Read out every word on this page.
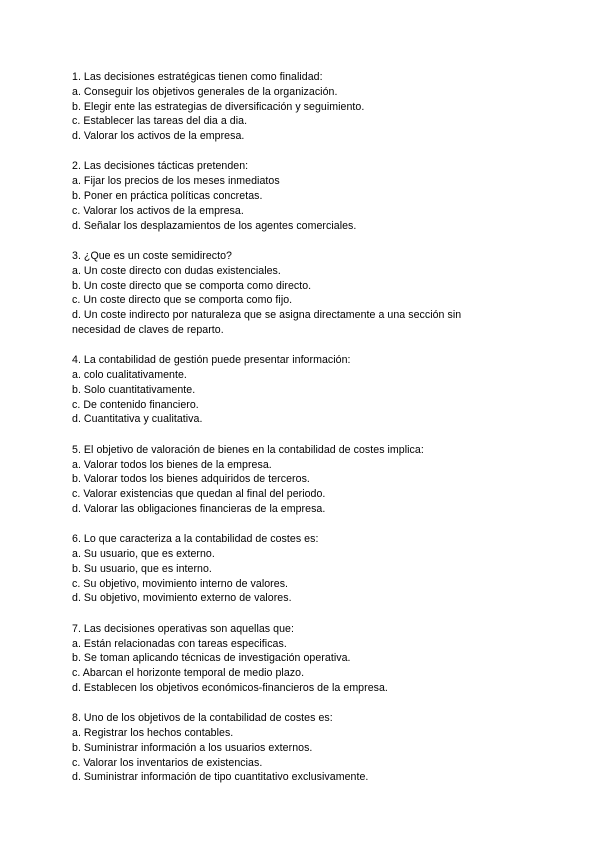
1. Las decisiones estratégicas tienen como finalidad:
a. Conseguir los objetivos generales de la organización.
b. Elegir ente las estrategias de diversificación y seguimiento.
c. Establecer las tareas del dia a dia.
d. Valorar los activos de la empresa.
2. Las decisiones tácticas pretenden:
a. Fijar los precios de los meses inmediatos
b. Poner en práctica políticas concretas.
c. Valorar los activos de la empresa.
d. Señalar los desplazamientos de los agentes comerciales.
3. ¿Que es un coste semidirecto?
a. Un coste directo con dudas existenciales.
b. Un coste directo que se comporta como directo.
c. Un coste directo que se comporta como fijo.
d. Un coste indirecto por naturaleza que se asigna directamente a una sección sin
necesidad de claves de reparto.
4. La contabilidad de gestión puede presentar información:
a. colo cualitativamente.
b. Solo cuantitativamente.
c. De contenido financiero.
d. Cuantitativa y cualitativa.
5. El objetivo de valoración de bienes en la contabilidad de costes implica:
a. Valorar todos los bienes de la empresa.
b. Valorar todos los bienes adquiridos de terceros.
c. Valorar existencias que quedan al final del periodo.
d. Valorar las obligaciones financieras de la empresa.
6. Lo que caracteriza a la contabilidad de costes es:
a. Su usuario, que es externo.
b. Su usuario, que es interno.
c. Su objetivo, movimiento interno de valores.
d. Su objetivo, movimiento externo de valores.
7. Las decisiones operativas son aquellas que:
a. Están relacionadas con tareas especificas.
b. Se toman aplicando técnicas de investigación operativa.
c. Abarcan el horizonte temporal de medio plazo.
d. Establecen los objetivos económicos-financieros de la empresa.
8. Uno de los objetivos de la contabilidad de costes es:
a. Registrar los hechos contables.
b. Suministrar información a los usuarios externos.
c. Valorar los inventarios de existencias.
d. Suministrar información de tipo cuantitativo exclusivamente.
